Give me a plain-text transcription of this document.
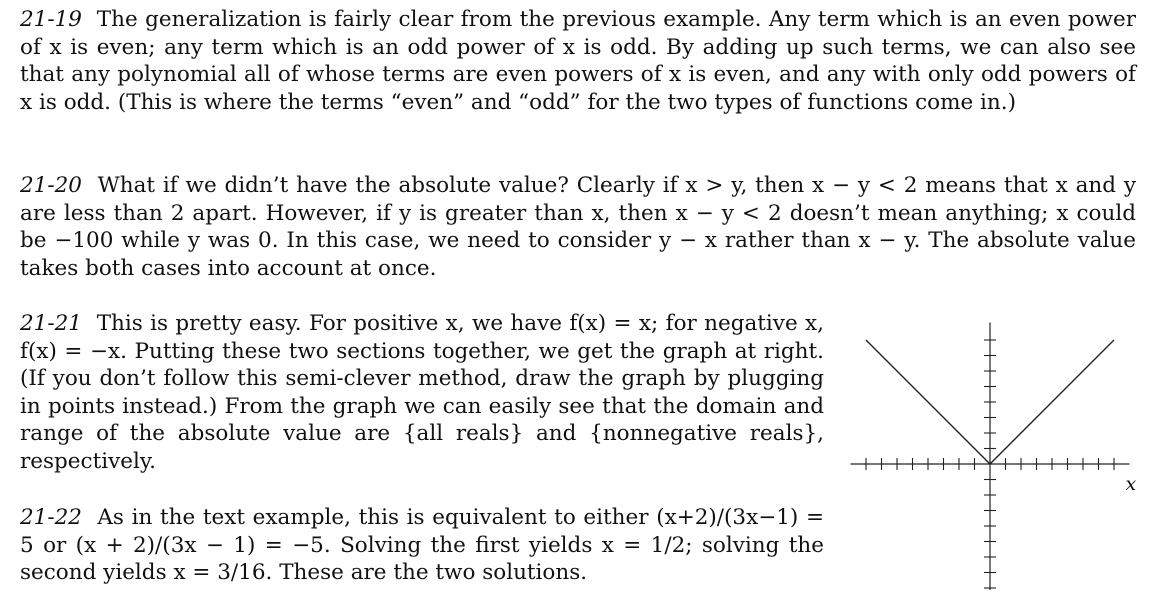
21-19 The generalization is fairly clear from the previous example. Any term which is an even power of x is even; any term which is an odd power of x is odd. By adding up such terms, we can also see that any polynomial all of whose terms are even powers of x is even, and any with only odd powers of x is odd. (This is where the terms “even” and “odd” for the two types of functions come in.)
21-20 What if we didn’t have the absolute value? Clearly if x > y, then x − y < 2 means that x and y are less than 2 apart. However, if y is greater than x, then x − y < 2 doesn’t mean anything; x could be −100 while y was 0. In this case, we need to consider y − x rather than x − y. The absolute value takes both cases into account at once.
21-21 This is pretty easy. For positive x, we have f(x) = x; for negative x, f(x) = −x. Putting these two sections together, we get the graph at right. (If you don’t follow this semi-clever method, draw the graph by plugging in points instead.) From the graph we can easily see that the domain and range of the absolute value are {all reals} and {nonnegative reals}, respectively.
21-22 As in the text example, this is equivalent to either (x+2)/(3x−1) = 5 or (x + 2)/(3x − 1) = −5. Solving the first yields x = 1/2; solving the second yields x = 3/16. These are the two solutions.
x
